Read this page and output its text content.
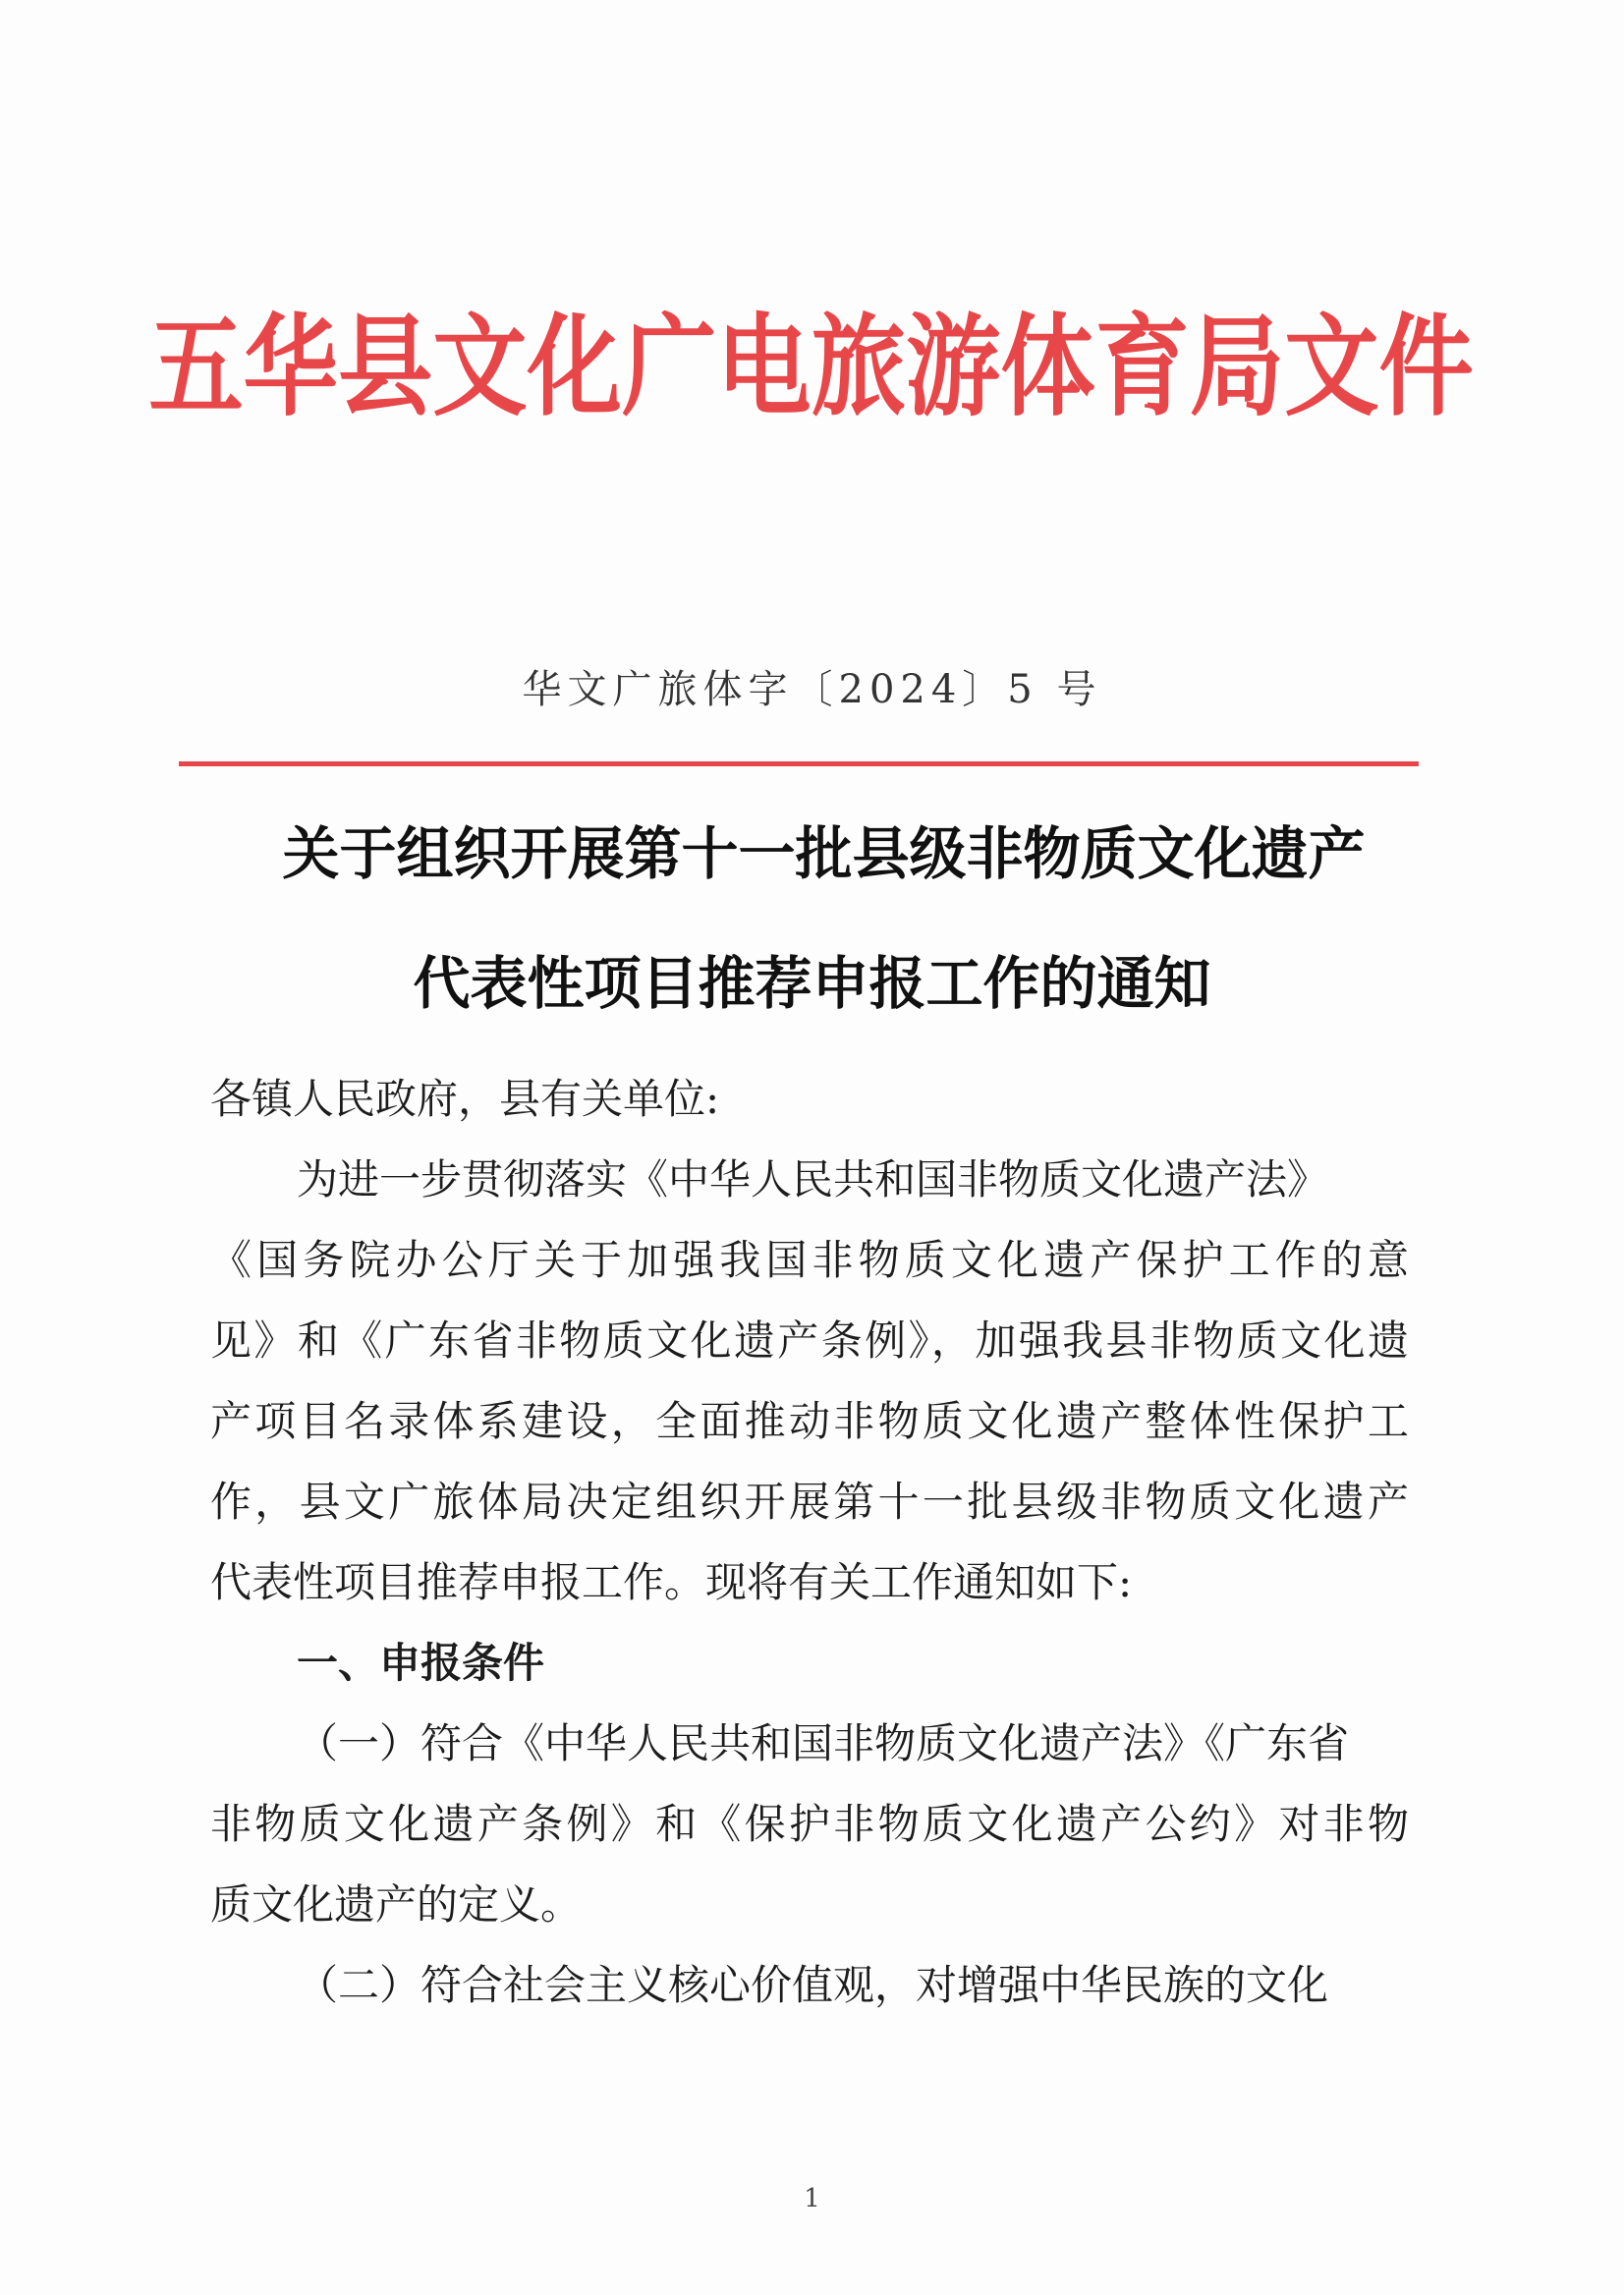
五华县文化广电旅游体育局文件
华文广旅体字〔2024〕5 号
关于组织开展第十一批县级非物质文化遗产
代表性项目推荐申报工作的通知
各镇人民政府，县有关单位:
为进一步贯彻落实《中华人民共和国非物质文化遗产法》
《国务院办公厅关于加强我国非物质文化遗产保护工作的意
见》和《广东省非物质文化遗产条例》，加强我县非物质文化遗
产项目名录体系建设，全面推动非物质文化遗产整体性保护工
作，县文广旅体局决定组织开展第十一批县级非物质文化遗产
代表性项目推荐申报工作。现将有关工作通知如下:
一、申报条件
（一）符合《中华人民共和国非物质文化遗产法》《广东省
非物质文化遗产条例》和《保护非物质文化遗产公约》对非物
质文化遗产的定义。
（二）符合社会主义核心价值观，对增强中华民族的文化
1
